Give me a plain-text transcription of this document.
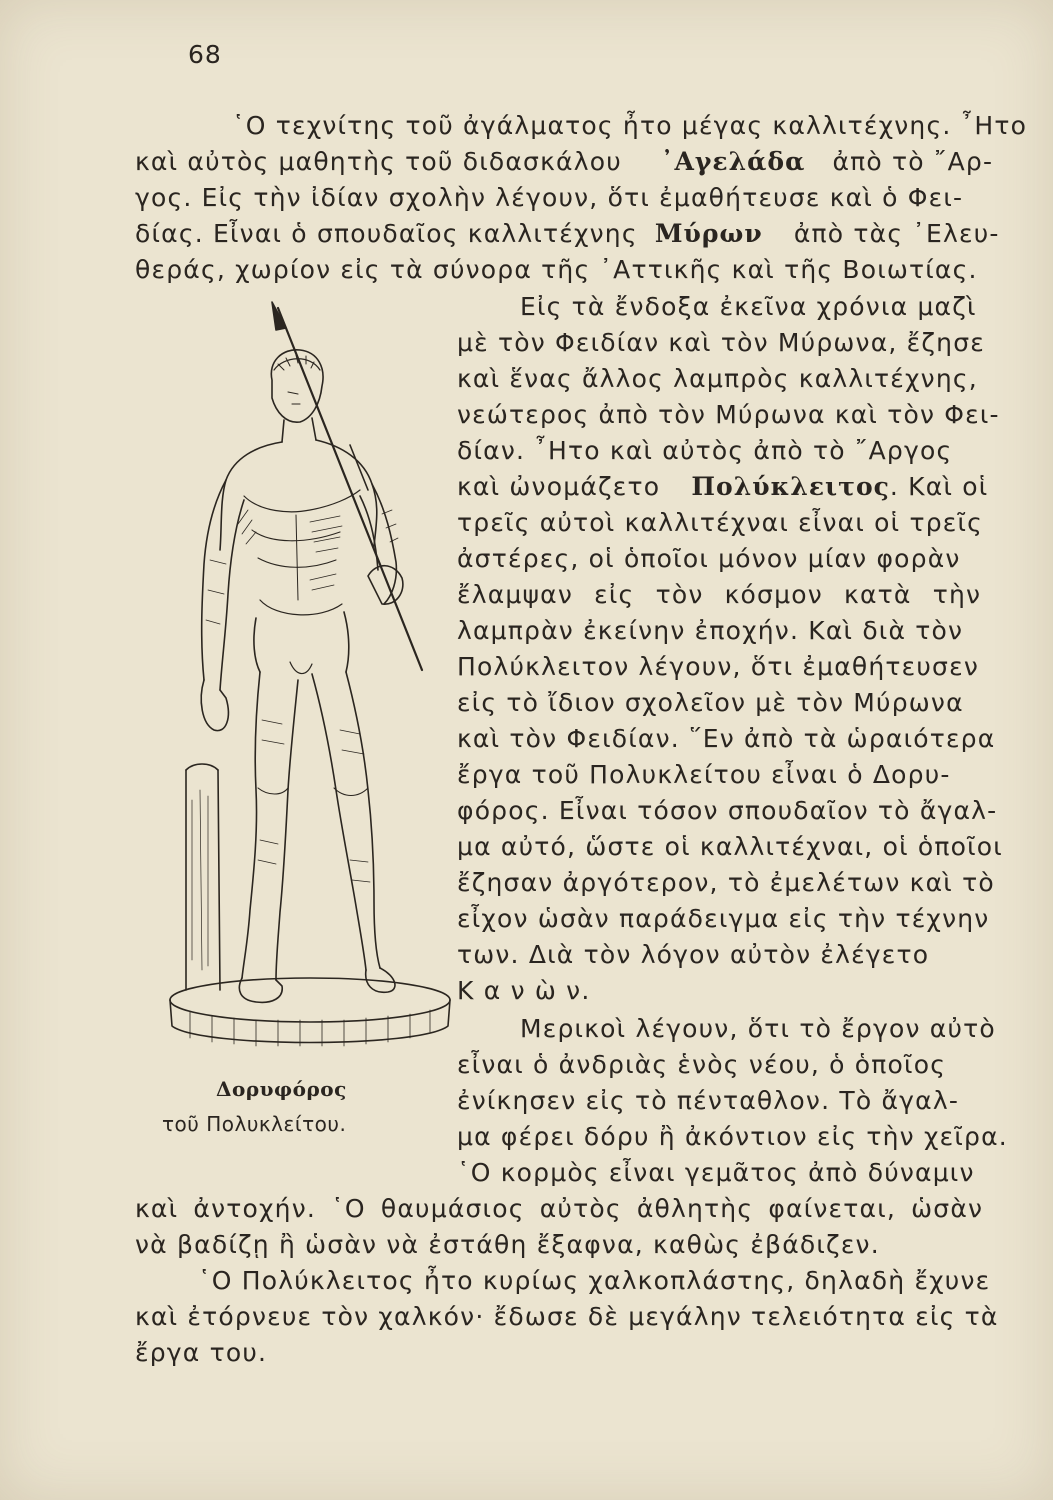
68
῾Ο τεχνίτης τοῦ ἀγάλματος ἦτο μέγας καλλιτέχνης. ῏Ητο
καὶ αὐτὸς μαθητὴς τοῦ διδασκάλου ᾿Αγελάδα ἀπὸ τὸ ῎Αρ-
γος. Εἰς τὴν ἰδίαν σχολὴν λέγουν, ὅτι ἐμαθήτευσε καὶ ὁ Φει-
δίας. Εἶναι ὁ σπουδαῖος καλλιτέχνης Μύρων ἀπὸ τὰς ᾿Ελευ-
θεράς, χωρίον εἰς τὰ σύνορα τῆς ᾿Αττικῆς καὶ τῆς Βοιωτίας.
Εἰς τὰ ἔνδοξα ἐκεῖνα χρόνια μαζὶ
μὲ τὸν Φειδίαν καὶ τὸν Μύρωνα, ἔζησε
καὶ ἕνας ἄλλος λαμπρὸς καλλιτέχνης,
νεώτερος ἀπὸ τὸν Μύρωνα καὶ τὸν Φει-
δίαν. ῏Ητο καὶ αὐτὸς ἀπὸ τὸ ῎Αργος
καὶ ὠνομάζετο Πολύκλειτος. Καὶ οἱ
τρεῖς αὐτοὶ καλλιτέχναι εἶναι οἱ τρεῖς
ἀστέρες, οἱ ὁποῖοι μόνον μίαν φορὰν
ἔλαμψαν εἰς τὸν κόσμον κατὰ τὴν
λαμπρὰν ἐκείνην ἐποχήν. Καὶ διὰ τὸν
Πολύκλειτον λέγουν, ὅτι ἐμαθήτευσεν
εἰς τὸ ἴδιον σχολεῖον μὲ τὸν Μύρωνα
καὶ τὸν Φειδίαν. ῞Εν ἀπὸ τὰ ὡραιότερα
ἔργα τοῦ Πολυκλείτου εἶναι ὁ Δορυ-
φόρος. Εἶναι τόσον σπουδαῖον τὸ ἄγαλ-
μα αὐτό, ὥστε οἱ καλλιτέχναι, οἱ ὁποῖοι
ἔζησαν ἀργότερον, τὸ ἐμελέτων καὶ τὸ
εἶχον ὡσὰν παράδειγμα εἰς τὴν τέχνην
των. Διὰ τὸν λόγον αὐτὸν ἐλέγετο
Κ α ν ὼ ν.
Μερικοὶ λέγουν, ὅτι τὸ ἔργον αὐτὸ
εἶναι ὁ ἀνδριὰς ἑνὸς νέου, ὁ ὁποῖος
ἐνίκησεν εἰς τὸ πένταθλον. Τὸ ἄγαλ-
μα φέρει δόρυ ἢ ἀκόντιον εἰς τὴν χεῖρα.
῾Ο κορμὸς εἶναι γεμᾶτος ἀπὸ δύναμιν
καὶ ἀντοχήν. ῾Ο θαυμάσιος αὐτὸς ἀθλητὴς φαίνεται, ὡσὰν
νὰ βαδίζῃ ἢ ὡσὰν νὰ ἐστάθη ἔξαφνα, καθὼς ἐβάδιζεν.
῾Ο Πολύκλειτος ἦτο κυρίως χαλκοπλάστης, δηλαδὴ ἔχυνε
καὶ ἐτόρνευε τὸν χαλκόν· ἔδωσε δὲ μεγάλην τελειότητα εἰς τὰ
ἔργα του.
Δορυφόρος
τοῦ Πολυκλείτου.
